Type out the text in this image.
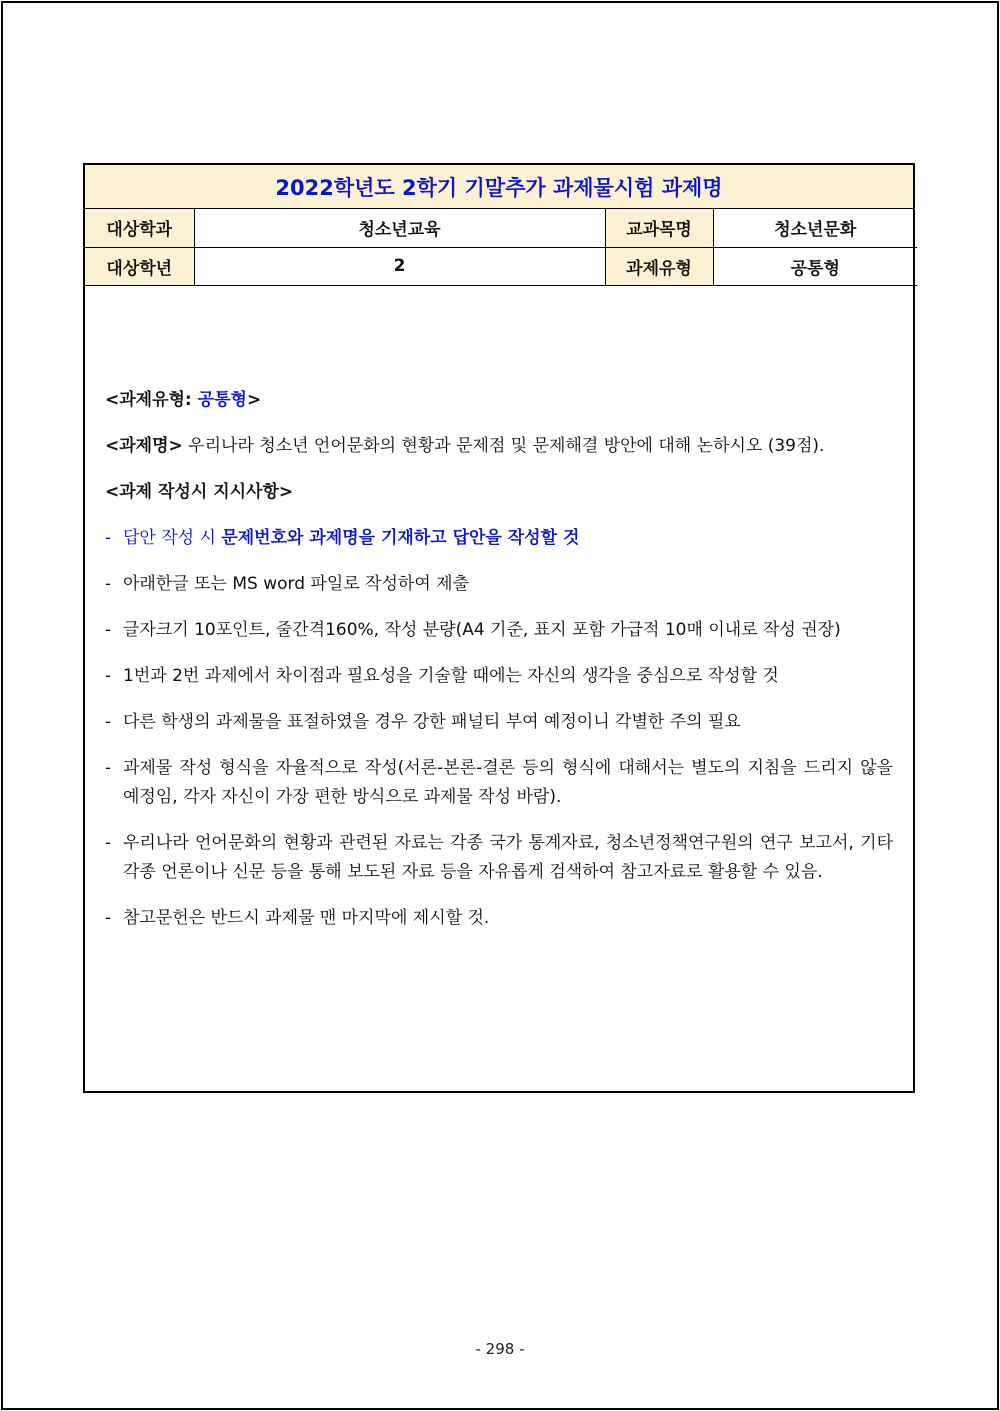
2022학년도 2학기 기말추가 과제물시험 과제명
대상학과	청소년교육	교과목명	청소년문화
대상학년	2	과제유형	공통형

<과제유형: 공통형>

<과제명> 우리나라 청소년 언어문화의 현황과 문제점 및 문제해결 방안에 대해 논하시오 (39점).

<과제 작성시 지시사항>

- 답안 작성 시 문제번호와 과제명을 기재하고 답안을 작성할 것
- 아래한글 또는 MS word 파일로 작성하여 제출
- 글자크기 10포인트, 줄간격160%, 작성 분량(A4 기준, 표지 포함 가급적 10매 이내로 작성 권장)
- 1번과 2번 과제에서 차이점과 필요성을 기술할 때에는 자신의 생각을 중심으로 작성할 것
- 다른 학생의 과제물을 표절하였을 경우 강한 패널티 부여 예정이니 각별한 주의 필요
- 과제물 작성 형식을 자율적으로 작성(서론-본론-결론 등의 형식에 대해서는 별도의 지침을 드리지 않을 예정임, 각자 자신이 가장 편한 방식으로 과제물 작성 바람).
- 우리나라 언어문화의 현황과 관련된 자료는 각종 국가 통계자료, 청소년정책연구원의 연구 보고서, 기타 각종 언론이나 신문 등을 통해 보도된 자료 등을 자유롭게 검색하여 참고자료로 활용할 수 있음.
- 참고문헌은 반드시 과제물 맨 마지막에 제시할 것.
- 298 -
